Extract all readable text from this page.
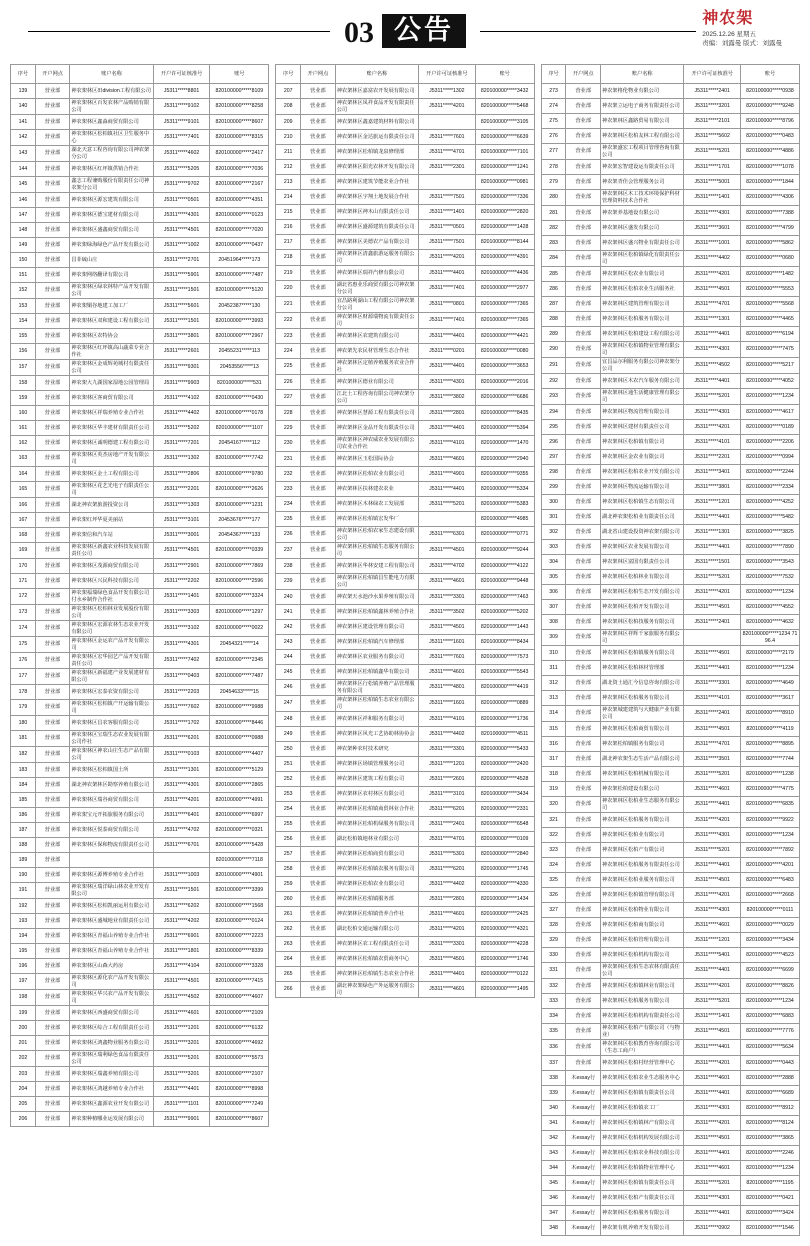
03 公告	神农架
2025.12.26 星期五
责编：刘露曼 版式：刘露曼
序号	开户网点	账户名称	开户许可证核准号	账号
139	营业部	神农架林区田division工程有限公司	J5311*****8801	820100000*****8109
140	营业部	神农架林区百发农林产品购销有限公司	J5311*****9102	820100000*****8258
141	营业部	神农架林区鑫淼商贸有限公司	J5311*****9101	820100000*****8607
142	营业部	神农架林区松柏镇社区卫生服务中心	J5311*****7401	820100000*****8315
143	营业部	湖北天意工程咨询有限公司神农架分公司	J5311*****4602	820100000*****2417
144	营业部	神农架林区红坪镇供销合作社	J5311*****5205	820100000*****7036
145	营业部	鑫志工程兼购服份有限责任公司神农架分公司	J5311*****9702	820100000*****2167
146	营业部	神农架林区源宏建筑有限公司	J5311*****0501	820100000*****4351
147	营业部	神农架林区德宝建材有限公司	J5311*****4301	820100000*****0123
148	营业部	神农架林区盛鑫商贸有限公司	J5311*****4501	820100000*****7020
149	营业部	神农架绿海绿色产品开发有限公司	J5311*****1002	820100000*****0437
150	营业部	昌菲硫山庄	J5311*****2701	20451964*****173
151	营业部	神农架网络翻译有限公司	J5311*****5901	820100000*****7487
152	营业部	神农架林区绿农林特产品开发有限公司	J5311*****1501	820100000*****5120
153	营业部	神农架铜谷地建工加工厂	J5311*****5601	20452387*****130
154	营业部	神农架林区双和建设工程有限公司	J5311*****1501	820100000*****3993
155	营业部	神农架林区农特协会	J5311*****3801	820100000*****2967
156	营业部	神农架林区红坪镇高山蔬菜专业合作社	J5311*****2601	20455231*****113
157	营业部	神农架林区金成辉苑城村有限责任公司	J5311*****9301	20453556*****13
158	营业部	神农架大九湖国家湿地公园管理局	J5311*****9903	820100000*****531
159	营业部	神农架林区客商贸有限公司	J5311*****4102	820100000*****0430
160	营业部	神农架林区祥瑞养殖专业合作社	J5311*****4402	820100000*****0178
161	营业部	神农架林区华丰建材有限责任公司	J5311*****5202	820100000*****1107
162	营业部	神农架林区诚明德建工程有限公司	J5311*****7201	20454167*****112
163	营业部	神农架林区英杰房地产开发有限公司	J5311*****1302	820100000*****7742
164	营业部	神农架林区金土工程有限公司	J5311*****2806	820100000*****9780
165	营业部	神农架林区花艺光电子有限责任公司	J5311*****2201	820100000*****2626
166	营业部	湖北神农架旅游投资公司	J5311*****1303	820100000*****1231
167	营业部	神农架红坪华夏美丽站	J5311*****3101	20453676*****177
168	营业部	神农架信和汽车站	J5311*****3001	20454367*****133
169	营业部	神农架林区新鑫农业科技发展有限责任公司	J5311*****4501	820100000*****0339
170	营业部	神农架林区茂源商贸有限公司	J5311*****2901	820100000*****7869
171	营业部	神农架林区兴民科技有限公司	J5311*****2202	820100000*****2596
172	营业部	神农架福瑞绿色食品开发有限公司付水乡制作合作社	J5311*****1401	820100000*****3324
173	营业部	神农架林区松柏林业发展股份有限公司	J5311*****3303	820100000*****1297
174	营业部	神农架林区宏源农林生态农业开发有限公司	J5311*****3102	820100000*****0022
175	营业部	神农架林区金运农产品开发有限公司	J5311*****4301	20454321*****14
176	营业部	神农架林区宏华园艺产品开发有限责任公司	J5311*****7402	820100000*****2345
177	营业部	神农架林区新福建产业发展建材有限公司	J5311*****0403	820100000*****7487
178	营业部	神农架林区宏泰农资有限公司	J5311*****2203	20454633*****15
179	营业部	神农架林区松柏镇产开运输有限公司	J5311*****7602	820100000*****9988
180	营业部	神农架林区昌农客服有限公司	J5311*****1702	820100000*****8446
181	营业部	神农架林区宝瑞生态农业发展有限公司作社	J5311*****6201	820100000*****0988
182	营业部	神农架林区神农山庄生态产品有限公司	J5311*****0103	820100000*****4407
183	营业部	神农架林区松柏镇国土所	J5311*****1301	820100000*****5129
184	营业部	湖北神农架林区勘察养殖有限公司	J5311*****4301	820100000*****2865
185	营业部	神农架林区瑞谷商贸有限公司	J5311*****4201	820100000*****4991
186	营业部	神农架宝元开拓旅服务有限公司	J5311*****6401	820100000*****6997
187	营业部	神农架林区悦泰商贸有限公司	J5311*****4702	820100000*****0321
188	营业部	神农架林区保和物流有限责任公司	J5311*****6701	820100000*****5428
189	营业部			820100000*****7118
190	营业部	神农架林区源傅养殖专业合作社	J5311*****1003	820100000*****4901
191	营业部	神农架林区瑞洋绿山林农业开发有限公司	J5311*****1501	820100000*****3399
192	营业部	神农架林区松柏凯丽运用有限公司	J5311*****6202	820100000*****1568
193	营业部	神农架林区盛城地业有限责任公司	J5311*****4202	820100000*****0124
194	营业部	神农架林区青福山养殖专业合作社	J5311*****6901	820100000*****2223
195	营业部	神农架林区青福山养殖专业合作社	J5311*****1801	820100000*****8339
196	营业部	神农架林区山森大药房	J5311*****4104	820100000*****3328
197	营业部	神农架林区源化农产品开发有限公司	J5311*****4501	820100000*****7415
198	营业部	神农架林区华兴农产品开发有限公司	J5311*****4502	820100000*****4607
199	营业部	神农架林区西盛商贸有限公司	J5311*****4601	820100000*****2109
200	营业部	神农架林区综合工程有限责任公司	J5311*****1201	820100000*****6132
201	营业部	神农架林区鸿鑫物业服务有限公司	J5311*****3201	820100000*****4692
202	营业部	神农架林区瑞利绿色食品有限责任公司	J5311*****5201	820100000*****5573
203	营业部	神农架林区瑞鑫养殖有限公司	J5311*****3201	820100000*****2107
204	营业部	神农架林区鸿越养殖专业合作社	J5311*****4401	820100000*****8998
205	营业部	神农架林区鑫源农业开发有限公司	J5311*****1101	820100000*****7249
206	营业部	神农架种植哪业运发展有限公司	J5311*****9901	820100000*****8607
序号	开户网点	账户名称	开户许可证核准号	账号
207	营业部	神农架林区嘉富农开发展有限公司	J5311*****1302	820100000*****3432
208	营业部	神农架林区凤祥食品开发有限责任公司	J5311*****4201	820100000*****5468
209	营业部	神农架林区鑫嘉建筑材料有限公司		820100000*****3105
210	营业部	神农架林区金达旅运有限责任公司	J5311*****7601	820100000*****6639
211	营业部	神农架林区松柏镇龙泉修理部	J5311*****4701	820100000*****7101
212	营业部	神农架林区阳光农林开发有限公司	J5311*****2301	820100000*****1241
213	营业部	神农架林区建筑节能农业合作社		820100000*****0981
214	营业部	神农架林区宇翔土地发展合作社	J5311*****7501	820100000*****7336
215	营业部	神农架林区神木山有限责任公司	J5311*****1401	820100000*****2820
216	营业部	神农架林区盛源建筑有限责任公司	J5311*****0501	820100000*****1428
217	营业部	神农架林区美德农产品有限公司	J5311*****7501	820100000*****8144
218	营业部	神农架林区清鑫旅游运服务有限公司	J5311*****4201	820100000*****4391
219	营业部	神农架林区瑞祥汽修有限公司	J5311*****4401	820100000*****4436
220	营业部	湖北省惠业乐商贸有限公司神农架分公司	J5311*****7401	820100000*****2977
221	营业部	宜昌路利湖山工程有限公司神农架分公司	J5311*****0801	820100000*****7365
222	营业部	神农架林区财源瑞物流有限责任公司	J5311*****7401	820100000*****7365
223	营业部	神农架林区农建筑有限公司	J5311*****4401	820100000*****4421
224	营业部	神农架先农民材管理生态合作社	J5311*****0201	820100000*****0080
225	营业部	神农架林区定植养殖服务农业合作社	J5311*****4401	820100000*****3653
226	营业部	神农架林区德业有限公司	J5311*****4301	820100000*****2016
227	营业部	江北土工程咨询有限公司神农架分公司	J5311*****3802	820100000*****6686
228	营业部	神农架林区慧源工程有限责任公司	J5311*****2801	820100000*****8435
229	营业部	神农架林区金品开发有限责任公司	J5311*****4401	820100000*****5394
230	营业部	神农架林区神农威农业发展有限公司农业合作社	J5311*****4101	820100000*****1470
231	营业部	神农架林区玉松国际协会	J5311*****4601	820100000*****2940
232	营业部	神农架林区松柏农业有限公司	J5311*****4901	820100000*****9355
233	营业部	神农架林区扶林建农农业	J5311*****4401	820100000*****5334
234	营业部	神农架林区木林绿农工发展部	J5311*****5201	820100000*****5383
235	营业部	神农架林区松柏镇宏发华厂		820100000*****4985
236	营业部	神农架林区松柏农家生态建设有限公司	J5311*****6301	820100000*****0771
237	营业部	神农架林区松柏镇生态服务有限公司	J5311*****4501	820100000*****9244
238	营业部	神农架林区华林安建工程有限公司	J5311*****4702	820100000*****4122
239	营业部	神农架林区松柏镇昌生能电力有限公司	J5311*****4601	820100000*****9448
240	营业部	神农架天水池沙水果养殖有限公司	J5311*****3301	820100000*****7463
241	营业部	神农架林区松柏镇鑫林养殖合作社	J5311*****3502	820100000*****5202
242	营业部	神农架林区建设管理有限公司	J5311*****4501	820100000*****1443
243	营业部	神农架林区松柏镇汽车修理部	J5311*****1601	820100000*****8434
244	营业部	神农架林区农业服务有限公司	J5311*****7601	820100000*****7573
245	营业部	神农架林区松柏镇鑫华有限公司	J5311*****4601	820100000*****5543
246	营业部	神农架林区行松镇养殖产品管理服务有限公司	J5311*****4801	820100000*****4419
247	营业部	神农架林区松柏镇生态农业有限公司	J5311*****1601	820100000*****0889
248	营业部	神农架林区祥和服务有限公司	J5311*****4101	820100000*****1736
249	营业部	神农架林区风光工艺协助林协协会	J5311*****4402	820100000*****4511
250	营业部	神农架种农村技术研究	J5311*****3301	820100000*****5433
251	营业部	神农架林区场镇管理服务公司	J5311*****1201	820100000*****2420
252	营业部	神农架林区建筑工程有限公司	J5311*****2601	820100000*****4528
253	营业部	神农架林区农村林区有限公司	J5311*****3101	820100000*****3434
254	营业部	神农架林区松柏镇商贸林业合作社	J5311*****6201	820100000*****2331
255	营业部	神农架林区松柏机绿服务有限公司	J5311*****2401	820100000*****6548
256	营业部	湖北松柏镇地林业有限公司	J5311*****4701	820100000*****0109
257	营业部	神农架林区松柏商贸有限公司	J5311*****5301	820100000*****2840
258	营业部	神农架林区松柏镇农服务有限公司	J5311*****6201	820100000*****1745
259	营业部	神农架林区松柏农业有限公司	J5311*****4402	820100000*****4330
260	营业部	神农架林区松柏镇服务部	J5311*****2801	820100000*****1434
261	营业部	神农架林区松柏镇营养合作社	J5311*****4601	820100000*****2425
262	营业部	湖北松柏交通运输有限公司	J5311*****4201	820100000*****4321
263	营业部	神农架林区农工程有限责任公司	J5311*****3301	820100000*****4228
264	营业部	神农架林区松柏镇农贸商务中心	J5311*****4501	820100000*****1746
265	营业部	神农架林区松柏镇生态农业合作社	J5311*****4401	820100000*****0122
266	营业部	湖北神农架绿色产外运服务有限公司	J5311*****4601	820100000*****1495
序号	开户网点	账户名称	开户许可证核准号	账号
273	营业部	神农架格伦物业有限公司	J5311*****2401	820100000*****0938
274	营业部	神农架立运电子商务有限责任公司	J5311*****3201	820100000*****9248
275	营业部	神农架林区鑫路贸易有限公司	J5311*****2101	820100000*****8796
276	营业部	神农架林区松柏友林工程有限公司	J5311*****5602	820100000*****0483
277	营业部	神农架盛宏工程项目管理咨询有限公司	J5311*****5201	820100000*****4886
278	营业部	神农架宏智建设运有限责任公司	J5311*****1701	820100000*****1078
279	营业部	神农架青佳会管理服务公司	J5311*****5001	820100000*****1844
280	营业部	神农架林区木工技术环境保护科材管理资料技术合作社	J5311*****1401	820100000*****4306
281	营业部	神农架养基地设有限公司	J5311*****4301	820100000*****7388
282	营业部	神农架林区盛发有限公司	J5311*****3601	820100000*****4799
283	营业部	神农架林区盛兴物业有限责任公司	J5311*****1001	820100000*****5862
284	营业部	神农架林区松柏镇绿化有限责任公司	J5311*****4402	820100000*****0680
285	营业部	神农架林区松农业有限公司	J5311*****4201	820100000*****1482
286	营业部	神农架林区松柏农业生活服务社	J5311*****4501	820100000*****5553
287	营业部	神农架林区建筑管理有限公司	J5311*****4701	820100000*****5568
288	营业部	神农架林区松柏服务有限公司	J5311*****1301	820100000*****4465
289	营业部	神农架林区松柏建设工程有限公司	J5311*****4401	820100000*****6194
290	营业部	神农架林区松柏镇物业管理有限公司	J5311*****4301	820100000*****7475
291	营业部	宜昌品尔利服务有限公司神农架分公司	J5311*****4502	820100000*****5217
292	营业部	神农架林区木农汽车服务有限公司	J5311*****4401	820100000*****4052
293	营业部	神农架林区通生活健康管理有限公司	J5311*****5201	820100000*****1234
294	营业部	神农架林区物流管理有限公司	J5311*****4301	820100000*****4617
295	营业部	神农架林区建材有限责任公司	J5311*****4201	820100000*****0189
296	营业部	神农架林区松柏镇有限公司	J5311*****4101	820100000*****2206
297	营业部	神农架林区金农业有限公司	J5311*****2201	820100000*****0994
298	营业部	神农架林区松柏农业开发有限公司	J5311*****3401	820100000*****2244
299	营业部	神农架林区物流运输有限公司	J5311*****3801	820100000*****2334
300	营业部	神农架林区松柏镇生态有限公司	J5311*****1201	820100000*****4252
301	营业部	湖北神农架松柏业有限责任公司	J5311*****4401	820100000*****5482
302	营业部	湖北省山建设投资神农架有限公司	J5311*****1301	820100000*****3825
303	营业部	神农架林区农业发展有限公司	J5311*****4401	820100000*****7890
304	营业部	神农架林区富国有限责任公司	J5311*****1501	820100000*****3543
305	营业部	神农架林区松柏林业有限公司	J5311*****5201	820100000*****7532
306	营业部	神农架林区松柏生态开发有限公司	J5311*****4201	820100000*****1234
307	营业部	神农架林区松柏开发有限公司	J5311*****4501	820100000*****4552
308	营业部	神农架林区松柏技服务有限公司	J5311*****2401	820100000*****4632
309	营业部	神农架林区祥辉千家旅服务有限公司		820100000*****1234 7196.4
310	营业部	神农架林区松柏镇服务有限公司	J5311*****4501	820100000*****2179
311	营业部	神农架林区松柏林材管理部	J5311*****4401	820100000*****1234
312	营业部	湖北资土通汇今信息咨询有限公司	J5311*****3301	820100000*****4649
313	营业部	神农架林区松柏服务有限公司	J5311*****4101	820100000*****3617
314	营业部	神农架城建建筑与大健康产业有限公司	J5311*****2401	820100000*****8910
315	营业部	神农架林区松柏商贸有限公司	J5311*****4501	820100000*****4119
316	营业部	神农架松柏镇服务有限公司	J5311*****4701	820100000*****8895
317	营业部	湖北神农架生态生活产品有限公司	J5311*****3501	820100000*****7744
318	营业部	神农架林区松柏机械有限公司	J5311*****5201	820100000*****1238
319	营业部	神农架松柏建设有限公司	J5311*****4601	820100000*****4775
320	营业部	神农架林区松柏业生态服务有限公司	J5311*****4401	820100000*****6835
321	营业部	神农架林区松柏服务有限公司	J5311*****4201	820100000*****9922
322	营业部	神农架林区松柏业有限公司	J5311*****4301	820100000*****1234
323	营业部	神农架林区松柏产有限公司	J5311*****5201	820100000*****7892
324	营业部	神农架林区松柏服务有限责任公司	J5311*****4401	820100000*****4201
325	营业部	神农架林区松柏业服务有限公司	J5311*****4501	820100000*****6483
326	营业部	神农架林区松柏镇管理有限公司	J5311*****4201	820100000*****2668
327	营业部	神农架林区松柏物业有限公司	J5311*****4301	820100000*****0111
328	营业部	神农架林区松柏商有限公司	J5311*****4601	820100000*****0029
329	营业部	神农架林区松柏管理有限公司	J5311*****1201	820100000*****3434
330	营业部	神农架林区松柏机构有限公司	J5311*****5401	820100000*****4523
331	营业部	神农架林区松柏生态农林有限责任公司	J5311*****4401	820100000*****6699
332	营业部	神农架林区松柏镇林业有限公司	J5311*****4201	820100000*****8826
333	营业部	神农架林区松柏服务有限公司	J5311*****5201	820100000*****1234
334	营业部	神农架林区松柏机构有限责任公司	J5311*****1401	820100000*****6883
335	营业部	神农架林区松柏产有限公司（与物业）	J5311*****4501	820100000*****7776
336	营业部	神农架林区松柏教育咨询有限公司（生态工商户）	J5311*****4401	820100000*****5634
337	营业部	神农架林区松柏村经营管理中心	J5311*****4201	820100000*****0443
338	木essay行	神农架林区松柏农业生态服务中心	J5311*****4601	820100000*****2888
339	木essay行	神农架林区松柏镇有限责任公司	J5311*****4401	820100000*****6689
340	木essay行	神农架林区松柏镇农工厂	J5311*****4301	820100000*****8912
341	木essay行	神农架林区松柏镇林产有限公司	J5311*****4201	820100000*****8124
342	木essay行	神农架林区松柏机构发展有限公司	J5311*****4501	820100000*****3865
343	木essay行	神农架林区松柏农业科技有限公司	J5311*****4401	820100000*****2246
344	木essay行	神农架林区松柏镇物业管理中心	J5311*****4601	820100000*****1234
345	木essay行	神农架林区松柏镇有限责任公司	J5311*****5201	820100000*****1195
346	木essay行	神农架林区松柏产有限责任公司	J5311*****4301	820100000*****0421
347	木essay行	神农架林区松柏服务有限公司	J5311*****4401	820100000*****3424
348	木essay行	神农架有机养殖开发有限公司	J5311*****0902	820100000*****1546
